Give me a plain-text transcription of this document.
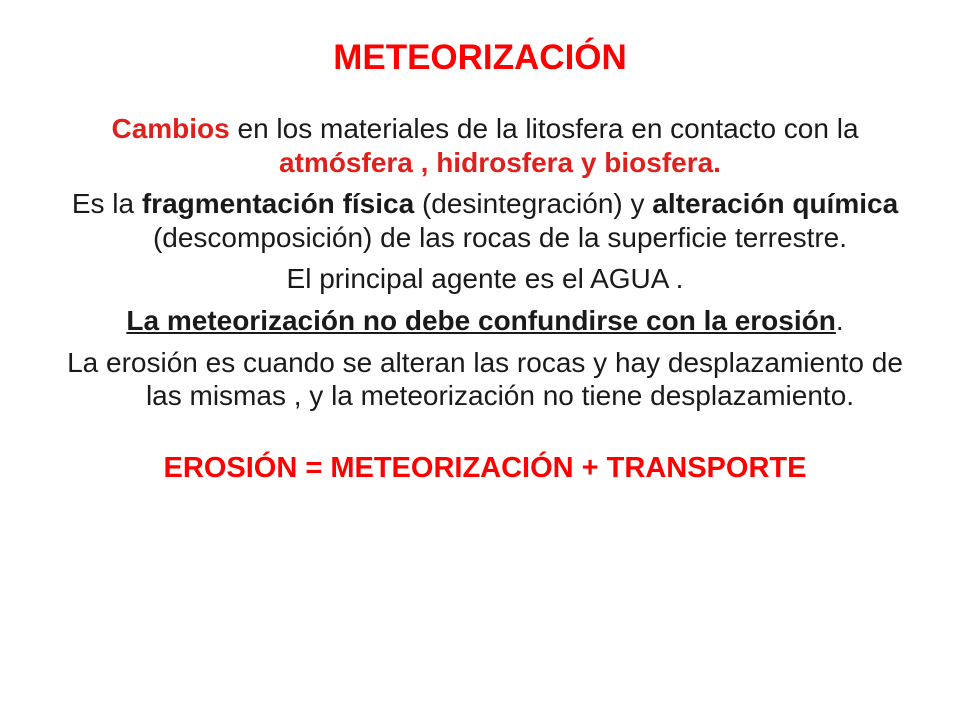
METEORIZACIÓN

Cambios en los materiales de la litosfera en contacto con la atmósfera , hidrosfera y biosfera.

Es la fragmentación física (desintegración) y alteración química (descomposición) de las rocas de la superficie terrestre.

El principal agente es el AGUA .

La meteorización no debe confundirse con la erosión.

La erosión es cuando se alteran las rocas y hay desplazamiento de las mismas , y la meteorización no tiene desplazamiento.

EROSIÓN = METEORIZACIÓN + TRANSPORTE
